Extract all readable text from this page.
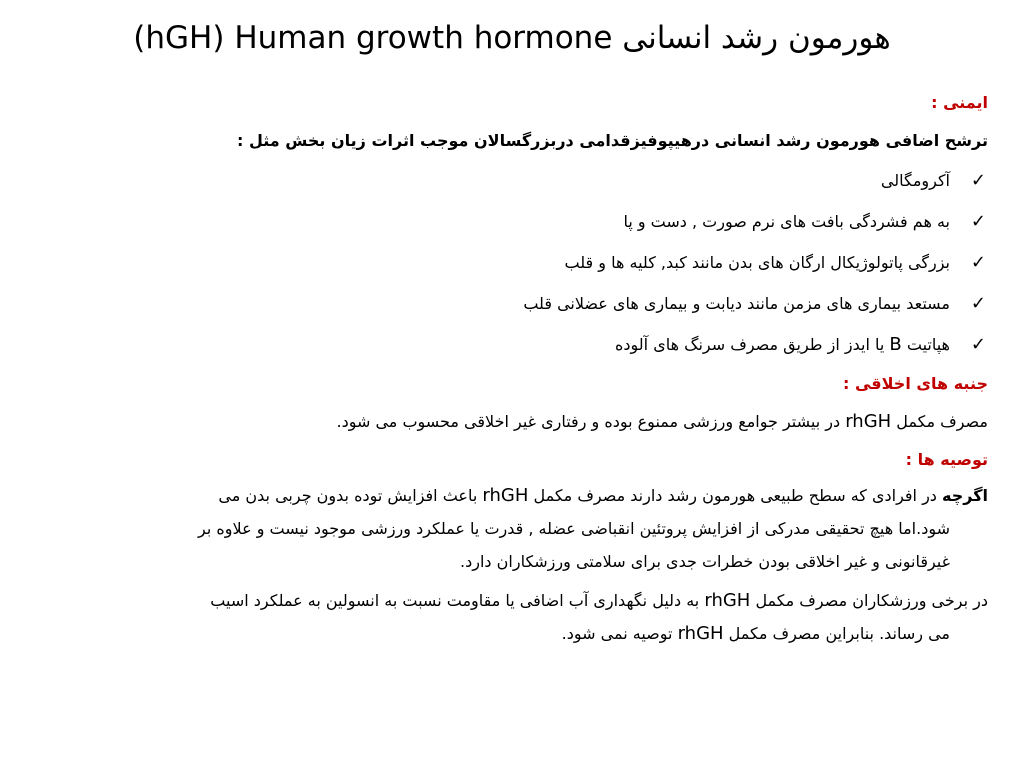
(hGH) Human growth hormone هورمون رشد انسانی
ایمنی :
ترشح اضافی هورمون رشد انسانی درهیپوفیزقدامی دربزرگسالان موجب اثرات زیان بخش مثل :
✓
آکرومگالی
✓
به هم فشردگی بافت های نرم صورت , دست و پا
✓
بزرگی پاتولوژیکال ارگان های بدن مانند کبد, کلیه ها و قلب
✓
مستعد بیماری های مزمن مانند دیابت و بیماری های عضلانی قلب
✓
هپاتیت B یا ایدز از طریق مصرف سرنگ های آلوده
جنبه های اخلاقی :
مصرف مکمل rhGH در بیشتر جوامع ورزشی ممنوع بوده و رفتاری غیر اخلاقی محسوب می شود.
توصیه ها :
اگرچه در افرادی که سطح طبیعی هورمون رشد دارند مصرف مکمل rhGH باعث افزایش توده بدون چربی بدن می
شود.اما هیچ تحقیقی مدرکی از افزایش پروتئین انقباضی عضله , قدرت یا عملکرد ورزشی موجود نیست و علاوه بر
غیرقانونی و غیر اخلاقی بودن خطرات جدی برای سلامتی ورزشکاران دارد.
در برخی ورزشکاران مصرف مکمل rhGH به دلیل نگهداری آب اضافی یا مقاومت نسبت به انسولین به عملکرد اسیب
می رساند. بنابراین مصرف مکمل rhGH توصیه نمی شود.
